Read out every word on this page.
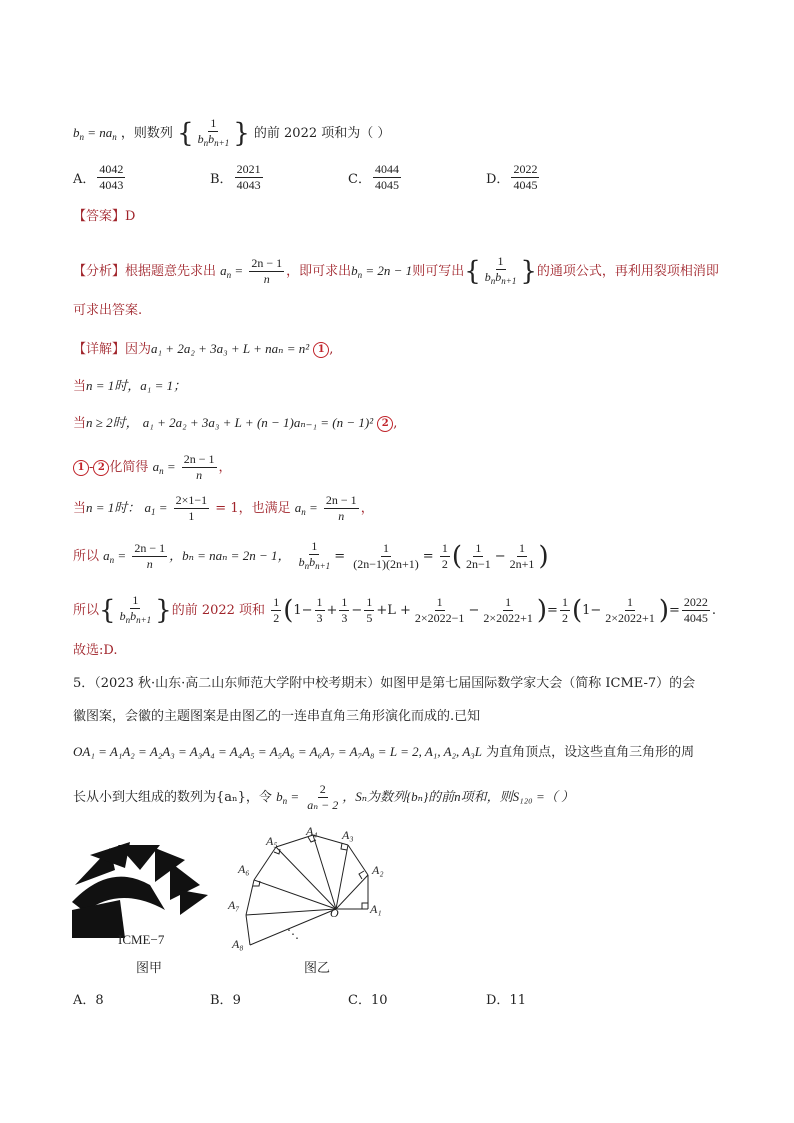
$b_n = na_n$ ，则数列 { $\frac{1}{b_nb_{n+1}}$ } 的前 2022 项和为（ ）
A． $\frac{4042}{4043}$	B． $\frac{2021}{4043}$	C． $\frac{4044}{4045}$	D． $\frac{2022}{4045}$
【答案】D
【分析】根据题意先求出 $a_n = \frac{2n - 1}{n}$ ，即可求出$b_n = 2n - 1$则可写出{ $\frac{1}{b_nb_{n+1}}$ }的通项公式，再利用裂项相消即
可求出答案.
【详解】因为a₁ + 2a₂ + 3a₃ + L + naₙ = n² 1 ,
当n = 1时，a₁ = 1；
当n ≥ 2时， a₁ + 2a₂ + 3a₃ + L + (n − 1)aₙ₋₁ = (n − 1)² 2 ,
1 - 2 化简得 $a_n = \frac{2n - 1}{n}$ ，
当n = 1时： $a_1 = \frac{2\times 1-1}{1} = 1$，也满足 $a_n = \frac{2n - 1}{n}$ ，
所以 $a_n = \frac{2n - 1}{n}$ ，bₙ = naₙ = 2n − 1， $\frac{1}{b_nb_{n+1}} = \frac{1}{(2n-1)(2n+1)} = \frac{1}{2}$ ( $\frac{1}{2n-1} - \frac{1}{2n+1}$ )
所以{ $\frac{1}{b_nb_{n+1}}$ }的前 2022 项和 $\frac{1}{2} (1- \frac{1}{3} + \frac{1}{3} - \frac{1}{5} +L + \frac{1}{2\times 2022-1} - \frac{1}{2\times 2022+1}$ )= $\frac{1}{2} (1- \frac{1}{2\times 2022+1}$ )= $\frac{2022}{4045}$ .
故选:D.
5．（2023 秋·山东·高二山东师范大学附中校考期末）如图甲是第七届国际数学家大会（简称 ICME-7）的会
徽图案，会徽的主题图案是由图乙的一连串直角三角形演化而成的.已知
OA₁ = A₁A₂ = A₂A₃ = A₃A₄ = A₄A₅ = A₅A₆ = A₆A₇ = A₇A₈ = L = 2, A₁, A₂, A₃L 为直角顶点，设这些直角三角形的周
长从小到大组成的数列为{aₙ}，令 $b_n = \frac{2}{\text{aₙ − 2}}$ ，Sₙ为数列{bₙ}的前n项和，则S₁₂₀ =（ ）
ICME−7
图甲
A₁
A₂
A₃
A₄
A₅
A₆
A₇
A₈
O
⋱
图乙
A．8	B．9	C．10	D．11
